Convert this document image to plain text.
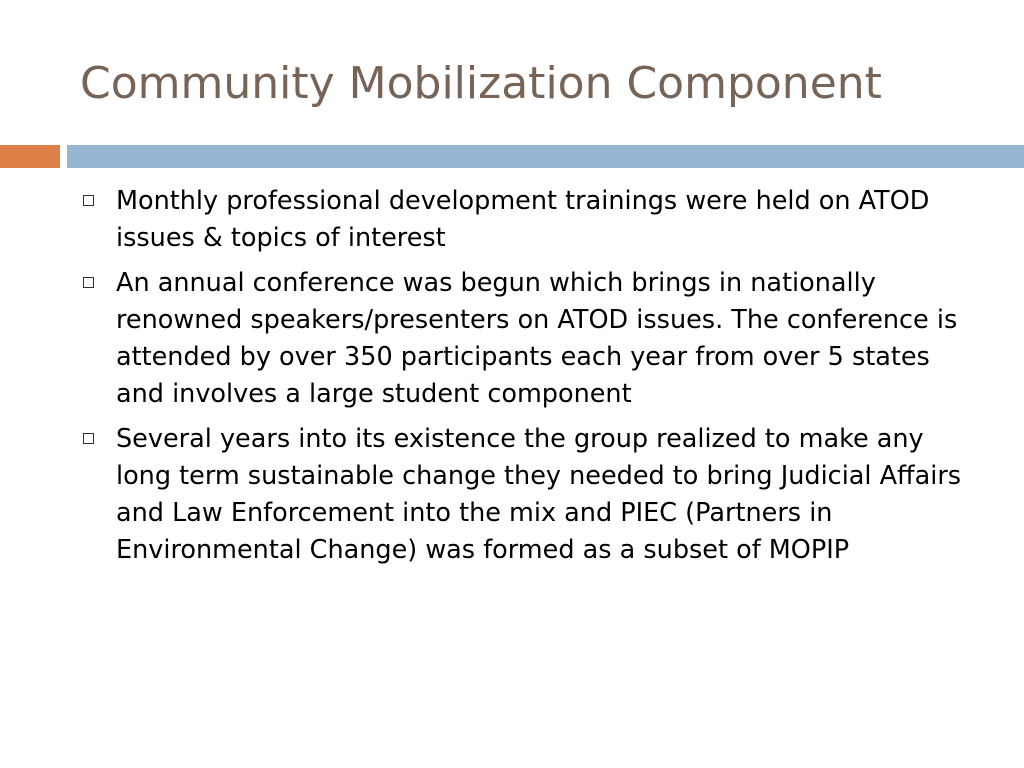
Community Mobilization Component
Monthly professional development trainings were held on ATOD issues & topics of interest
An annual conference was begun which brings in nationally renowned speakers/presenters on ATOD issues. The conference is attended by over 350 participants each year from over 5 states and involves a large student component
Several years into its existence the group realized to make any long term sustainable change they needed to bring Judicial Affairs and Law Enforcement into the mix and PIEC (Partners in Environmental Change) was formed as a subset of MOPIP
